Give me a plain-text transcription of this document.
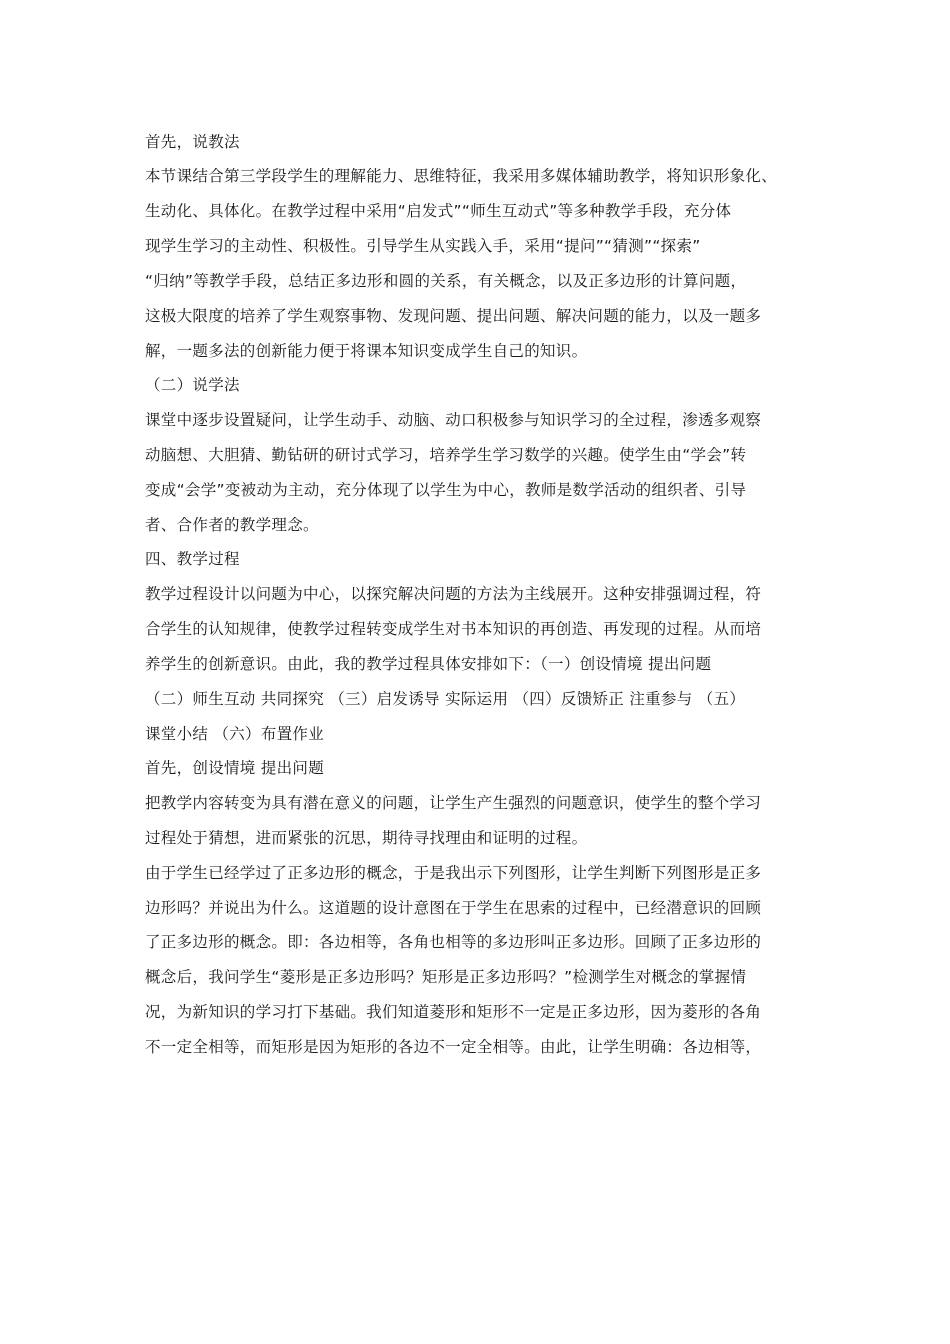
首先，说教法
本节课结合第三学段学生的理解能力、思维特征，我采用多媒体辅助教学，将知识形象化、
生动化、具体化。在教学过程中采用“启发式”“师生互动式”等多种教学手段，充分体
现学生学习的主动性、积极性。引导学生从实践入手，采用“提问”“猜测”“探索”
“归纳”等教学手段，总结正多边形和圆的关系，有关概念，以及正多边形的计算问题，
这极大限度的培养了学生观察事物、发现问题、提出问题、解决问题的能力，以及一题多
解，一题多法的创新能力便于将课本知识变成学生自己的知识。
（二）说学法
课堂中逐步设置疑问，让学生动手、动脑、动口积极参与知识学习的全过程，渗透多观察
动脑想、大胆猜、勤钻研的研讨式学习，培养学生学习数学的兴趣。使学生由“学会”转
变成“会学”变被动为主动，充分体现了以学生为中心，教师是数学活动的组织者、引导
者、合作者的教学理念。
四、教学过程
教学过程设计以问题为中心，以探究解决问题的方法为主线展开。这种安排强调过程，符
合学生的认知规律，使教学过程转变成学生对书本知识的再创造、再发现的过程。从而培
养学生的创新意识。由此，我的教学过程具体安排如下：（一）创设情境 提出问题
（二）师生互动 共同探究 （三）启发诱导 实际运用 （四）反馈矫正 注重参与 （五）
课堂小结 （六）布置作业
首先，创设情境 提出问题
把教学内容转变为具有潜在意义的问题，让学生产生强烈的问题意识，使学生的整个学习
过程处于猜想，进而紧张的沉思，期待寻找理由和证明的过程。
由于学生已经学过了正多边形的概念，于是我出示下列图形，让学生判断下列图形是正多
边形吗？并说出为什么。这道题的设计意图在于学生在思索的过程中，已经潜意识的回顾
了正多边形的概念。即：各边相等，各角也相等的多边形叫正多边形。回顾了正多边形的
概念后，我问学生“菱形是正多边形吗？矩形是正多边形吗？”检测学生对概念的掌握情
况，为新知识的学习打下基础。我们知道菱形和矩形不一定是正多边形，因为菱形的各角
不一定全相等，而矩形是因为矩形的各边不一定全相等。由此，让学生明确：各边相等，
